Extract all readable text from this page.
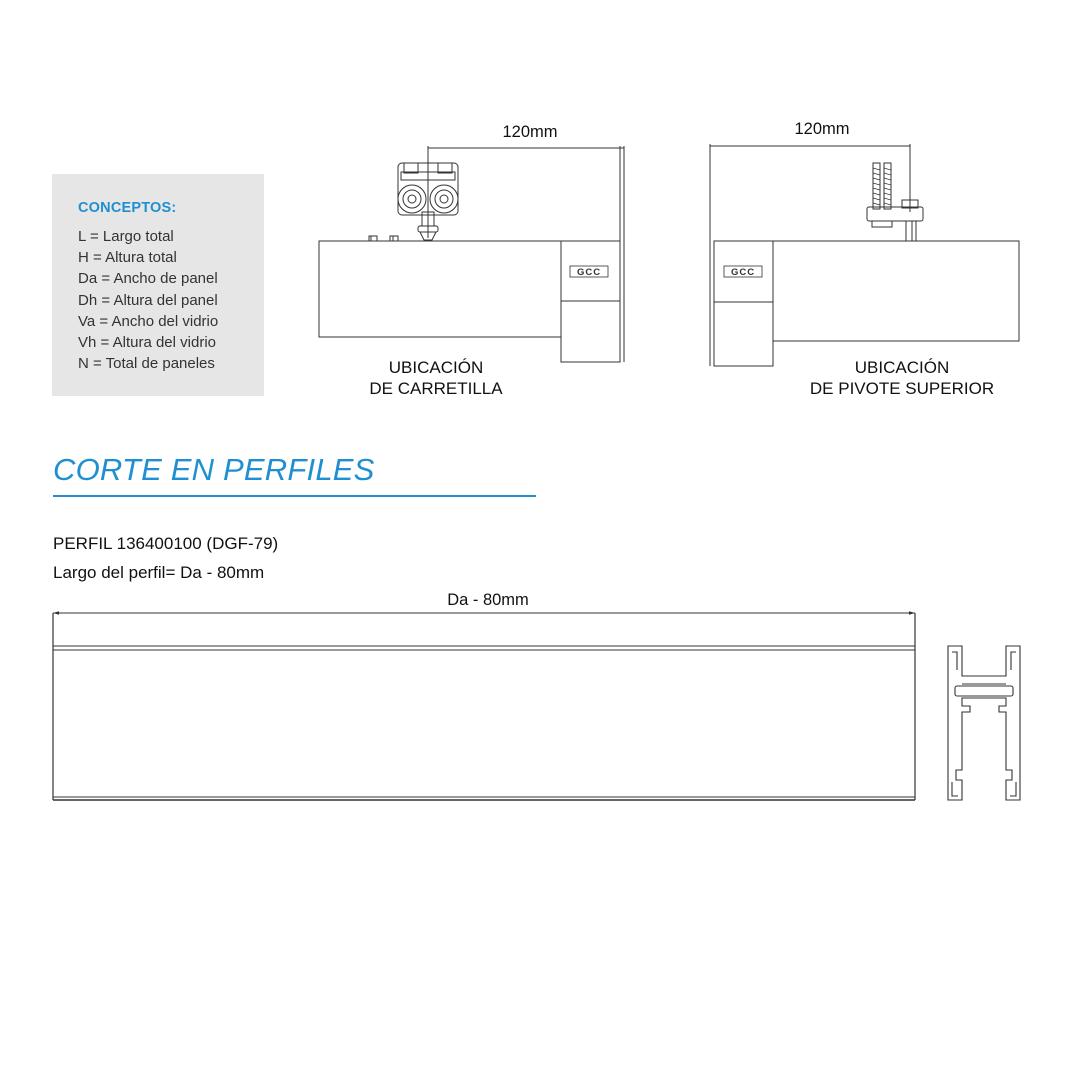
CONCEPTOS:
L = Largo total
H = Altura total
Da = Ancho de panel
Dh = Altura del panel
Va = Ancho del vidrio
Vh = Altura del vidrio
N = Total de paneles
120mm
GCC
120mm
GCC
Da - 80mm
UBICACIÓN
DE CARRETILLA
UBICACIÓN
DE PIVOTE SUPERIOR
CORTE EN PERFILES
PERFIL 136400100 (DGF-79)
Largo del perfil= Da - 80mm
